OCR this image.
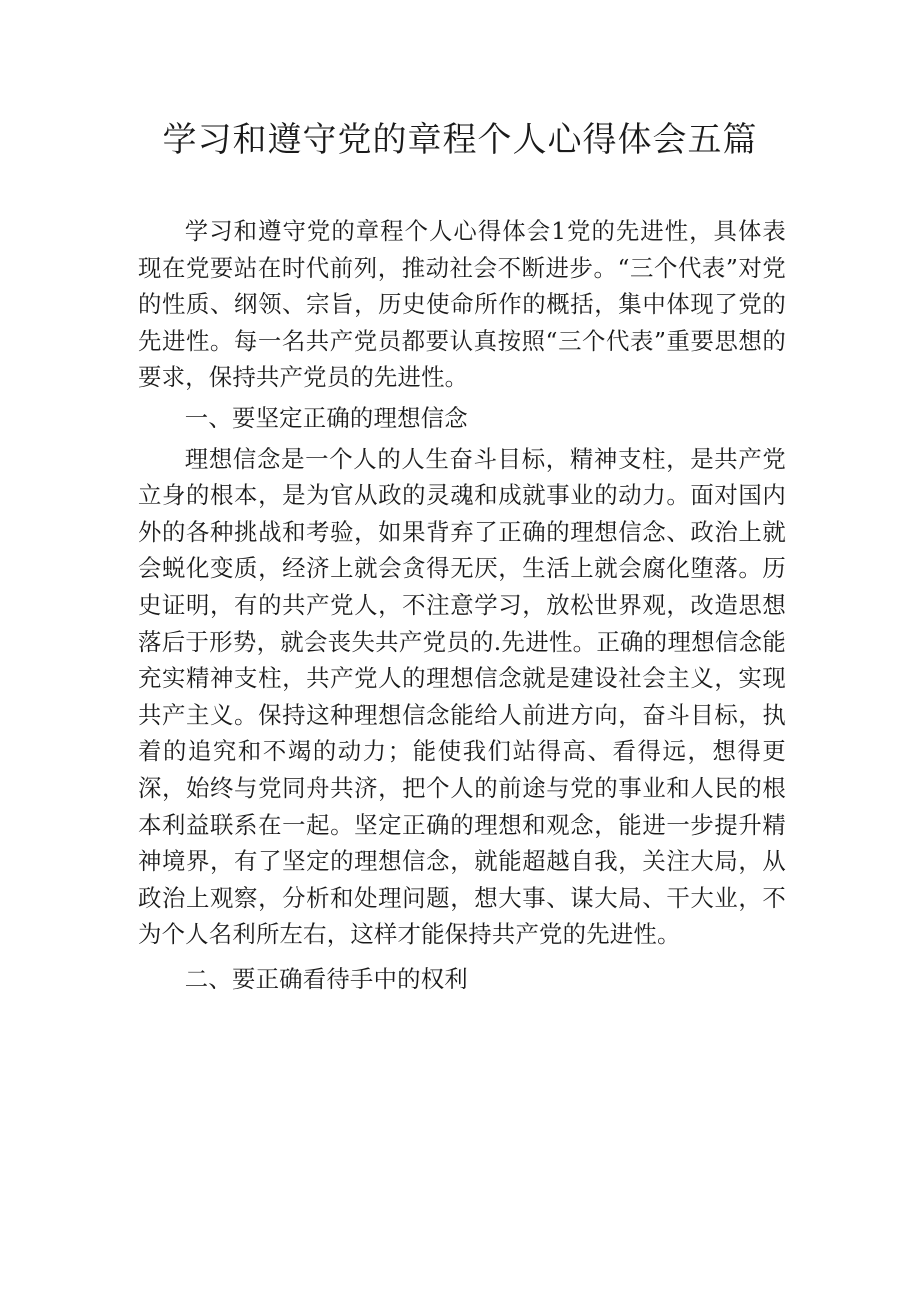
学习和遵守党的章程个人心得体会五篇

学习和遵守党的章程个人心得体会1党的先进性，具体表现在党要站在时代前列，推动社会不断进步。“三个代表”对党的性质、纲领、宗旨，历史使命所作的概括，集中体现了党的先进性。每一名共产党员都要认真按照“三个代表”重要思想的要求，保持共产党员的先进性。

一、要坚定正确的理想信念

理想信念是一个人的人生奋斗目标，精神支柱，是共产党立身的根本，是为官从政的灵魂和成就事业的动力。面对国内外的各种挑战和考验，如果背弃了正确的理想信念、政治上就会蜕化变质，经济上就会贪得无厌，生活上就会腐化堕落。历史证明，有的共产党人，不注意学习，放松世界观，改造思想落后于形势，就会丧失共产党员的.先进性。正确的理想信念能充实精神支柱，共产党人的理想信念就是建设社会主义，实现共产主义。保持这种理想信念能给人前进方向，奋斗目标，执着的追究和不竭的动力；能使我们站得高、看得远，想得更深，始终与党同舟共济，把个人的前途与党的事业和人民的根本利益联系在一起。坚定正确的理想和观念，能进一步提升精神境界，有了坚定的理想信念，就能超越自我，关注大局，从政治上观察，分析和处理问题，想大事、谋大局、干大业，不为个人名利所左右，这样才能保持共产党的先进性。

二、要正确看待手中的权利
